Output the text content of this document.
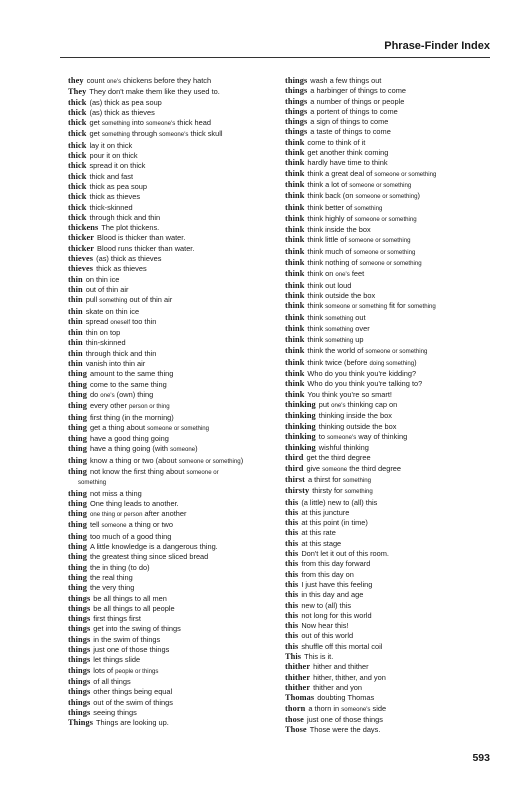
Phrase-Finder Index
they count one's chickens before they hatch
They They don't make them like they used to.
thick (as) thick as pea soup
thick (as) thick as thieves
thick get something into someone's thick head
thick get something through someone's thick skull
thick lay it on thick
thick pour it on thick
thick spread it on thick
thick thick and fast
thick thick as pea soup
thick thick as thieves
thick thick-skinned
thick through thick and thin
thickens The plot thickens.
thicker Blood is thicker than water.
thicker Blood runs thicker than water.
thieves (as) thick as thieves
thieves thick as thieves
thin on thin ice
thin out of thin air
thin pull something out of thin air
thin skate on thin ice
thin spread oneself too thin
thin thin on top
thin thin-skinned
thin through thick and thin
thin vanish into thin air
thing amount to the same thing
thing come to the same thing
thing do one's (own) thing
thing every other person or thing
thing first thing (in the morning)
thing get a thing about someone or something
thing have a good thing going
thing have a thing going (with someone)
thing know a thing or two (about someone or something)
thing not know the first thing about someone or
something
thing not miss a thing
thing One thing leads to another.
thing one thing or person after another
thing tell someone a thing or two
thing too much of a good thing
thing A little knowledge is a dangerous thing.
thing the greatest thing since sliced bread
thing the in thing (to do)
thing the real thing
thing the very thing
things be all things to all men
things be all things to all people
things first things first
things get into the swing of things
things in the swim of things
things just one of those things
things let things slide
things lots of people or things
things of all things
things other things being equal
things out of the swim of things
things seeing things
Things Things are looking up.
things wash a few things out
things a harbinger of things to come
things a number of things or people
things a portent of things to come
things a sign of things to come
things a taste of things to come
think come to think of it
think get another think coming
think hardly have time to think
think think a great deal of someone or something
think think a lot of someone or something
think think back (on someone or something)
think think better of something
think think highly of someone or something
think think inside the box
think think little of someone or something
think think much of someone or something
think think nothing of someone or something
think think on one's feet
think think out loud
think think outside the box
think think someone or something fit for something
think think something out
think think something over
think think something up
think think the world of someone or something
think think twice (before doing something)
think Who do you think you're kidding?
think Who do you think you're talking to?
think You think you're so smart!
thinking put one's thinking cap on
thinking thinking inside the box
thinking thinking outside the box
thinking to someone's way of thinking
thinking wishful thinking
third get the third degree
third give someone the third degree
thirst a thirst for something
thirsty thirsty for something
this (a little) new to (all) this
this at this juncture
this at this point (in time)
this at this rate
this at this stage
this Don't let it out of this room.
this from this day forward
this from this day on
this I just have this feeling
this in this day and age
this new to (all) this
this not long for this world
this Now hear this!
this out of this world
this shuffle off this mortal coil
This This is it.
thither hither and thither
thither hither, thither, and yon
thither thither and yon
Thomas doubting Thomas
thorn a thorn in someone's side
those just one of those things
Those Those were the days.
593
